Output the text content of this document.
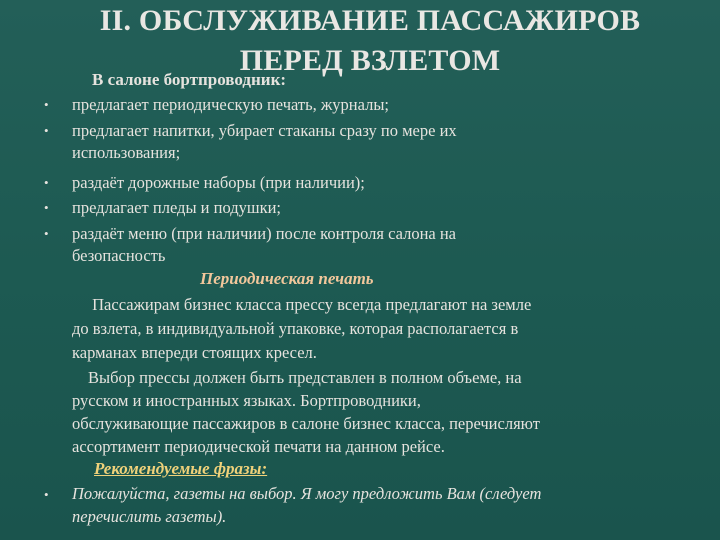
II. ОБСЛУЖИВАНИЕ ПАССАЖИРОВ
ПЕРЕД ВЗЛЕТОМ
В салоне бортпроводник:
• предлагает периодическую печать, журналы;
• предлагает напитки, убирает стаканы сразу по мере их
использования;
• раздаёт дорожные наборы (при наличии);
• предлагает пледы и подушки;
• раздаёт меню (при наличии) после контроля салона на
безопасность
Периодическая печать
Пассажирам бизнес класса прессу всегда предлагают на земле
до взлета, в индивидуальной упаковке, которая располагается в
карманах впереди стоящих кресел.
Выбор прессы должен быть представлен в полном объеме, на
русском и иностранных языках. Бортпроводники,
обслуживающие пассажиров в салоне бизнес класса, перечисляют
ассортимент периодической печати на данном рейсе.
Рекомендуемые фразы:
• Пожалуйста, газеты на выбор. Я могу предложить Вам (следует
перечислить газеты).
